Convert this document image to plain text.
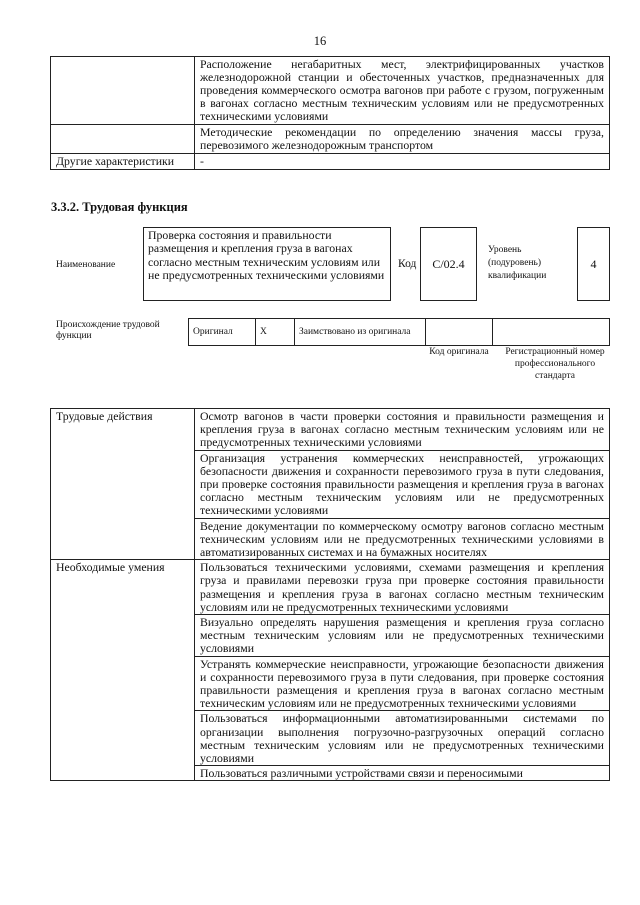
16
	Расположение негабаритных мест, электрифицированных участков железнодорожной станции и обесточенных участков, предназначенных для проведения коммерческого осмотра вагонов при работе с грузом, погруженным в вагонах согласно местным техническим условиям или не предусмотренных техническими условиями
	Методические рекомендации по определению значения массы груза, перевозимого железнодорожным транспортом
Другие характеристики	-
3.3.2. Трудовая функция
Наименование
Проверка состояния и правильности размещения и крепления груза в вагонах согласно местным техническим условиям или не предусмотренных техническими условиями
Код	C/02.4
Уровень (подуровень) квалификации
4
Происхождение трудовой функции	Оригинал	X	Заимствовано из оригинала		
Код оригинала	Регистрационный номер профессионального стандарта
Трудовые действия	Осмотр вагонов в части проверки состояния и правильности размещения и крепления груза в вагонах согласно местным техническим условиям или не предусмотренных техническими условиями
	Организация устранения коммерческих неисправностей, угрожающих безопасности движения и сохранности перевозимого груза в пути следования, при проверке состояния правильности размещения и крепления груза в вагонах согласно местным техническим условиям или не предусмотренных техническими условиями
	Ведение документации по коммерческому осмотру вагонов согласно местным техническим условиям или не предусмотренных техническими условиями в автоматизированных системах и на бумажных носителях
Необходимые умения	Пользоваться техническими условиями, схемами размещения и крепления груза и правилами перевозки груза при проверке состояния правильности размещения и крепления груза в вагонах согласно местным техническим условиям или не предусмотренных техническими условиями
	Визуально определять нарушения размещения и крепления груза согласно местным техническим условиям или не предусмотренных техническими условиями
	Устранять коммерческие неисправности, угрожающие безопасности движения и сохранности перевозимого груза в пути следования, при проверке состояния правильности размещения и крепления груза в вагонах согласно местным техническим условиям или не предусмотренных техническими условиями
	Пользоваться информационными автоматизированными системами по организации выполнения погрузочно-разгрузочных операций согласно местным техническим условиям или не предусмотренных техническими условиями
	Пользоваться различными устройствами связи и переносимыми
